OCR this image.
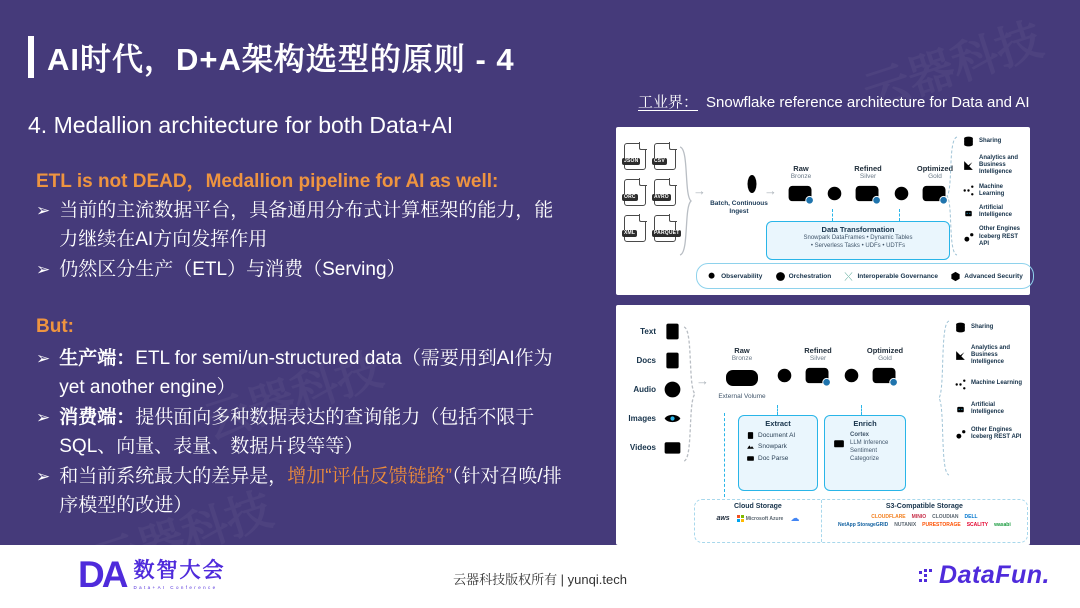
AI时代，D+A架构选型的原则 - 4
4. Medallion architecture for both Data+AI
ETL is not DEAD，Medallion pipeline for AI as well:
➢ 当前的主流数据平台，具备通用分布式计算框架的能力，能力继续在AI方向发挥作用
➢ 仍然区分生产（ETL）与消费（Serving）
But:
➢ 生产端：ETL for semi/un-structured data（需要用到AI作为yet another engine）
➢ 消费端：提供面向多种数据表达的查询能力（包括不限于SQL、向量、表量、数据片段等等）
➢ 和当前系统最大的差异是，增加“评估反馈链路”（针对召唤/排序模型的改进）
工业界： Snowflake reference architecture for Data and AI
JSON	CSV
ORC	AVRO
XML	PARQUET
→
Batch, Continuous Ingest
→
Raw
Bronze
Refined
Silver
Optimized
Gold
Data Transformation
Snowpark DataFrames • Dynamic Tables
• Serverless Tasks • UDFs • UDTFs
Sharing
Analytics and Business Intelligence
Machine Learning
Artificial Intelligence
Other Engines Iceberg REST API
Observability	Orchestration	Interoperable Governance	Advanced Security
Text
Docs
Audio
Images
Videos
→
Raw
Bronze
External Volume
Refined
Silver
Optimized
Gold
Extract
Document AI
Snowpark
Doc Parse
Enrich
Cortex
LLM Inference
Sentiment
Categorize
Sharing
Analytics and Business Intelligence
Machine Learning
Artificial Intelligence
Other Engines Iceberg REST API
Cloud Storage
aws	Microsoft Azure ☁
S3-Compatible Storage
CLOUDFLARE MINIO CLOUDIAN DELL
NetApp StorageGRID NUTANIX PURESTORAGE SCALITY wasabi
DA 数智大会
Data+AI Conference
云器科技版权所有 | yunqi.tech	DataFun.
